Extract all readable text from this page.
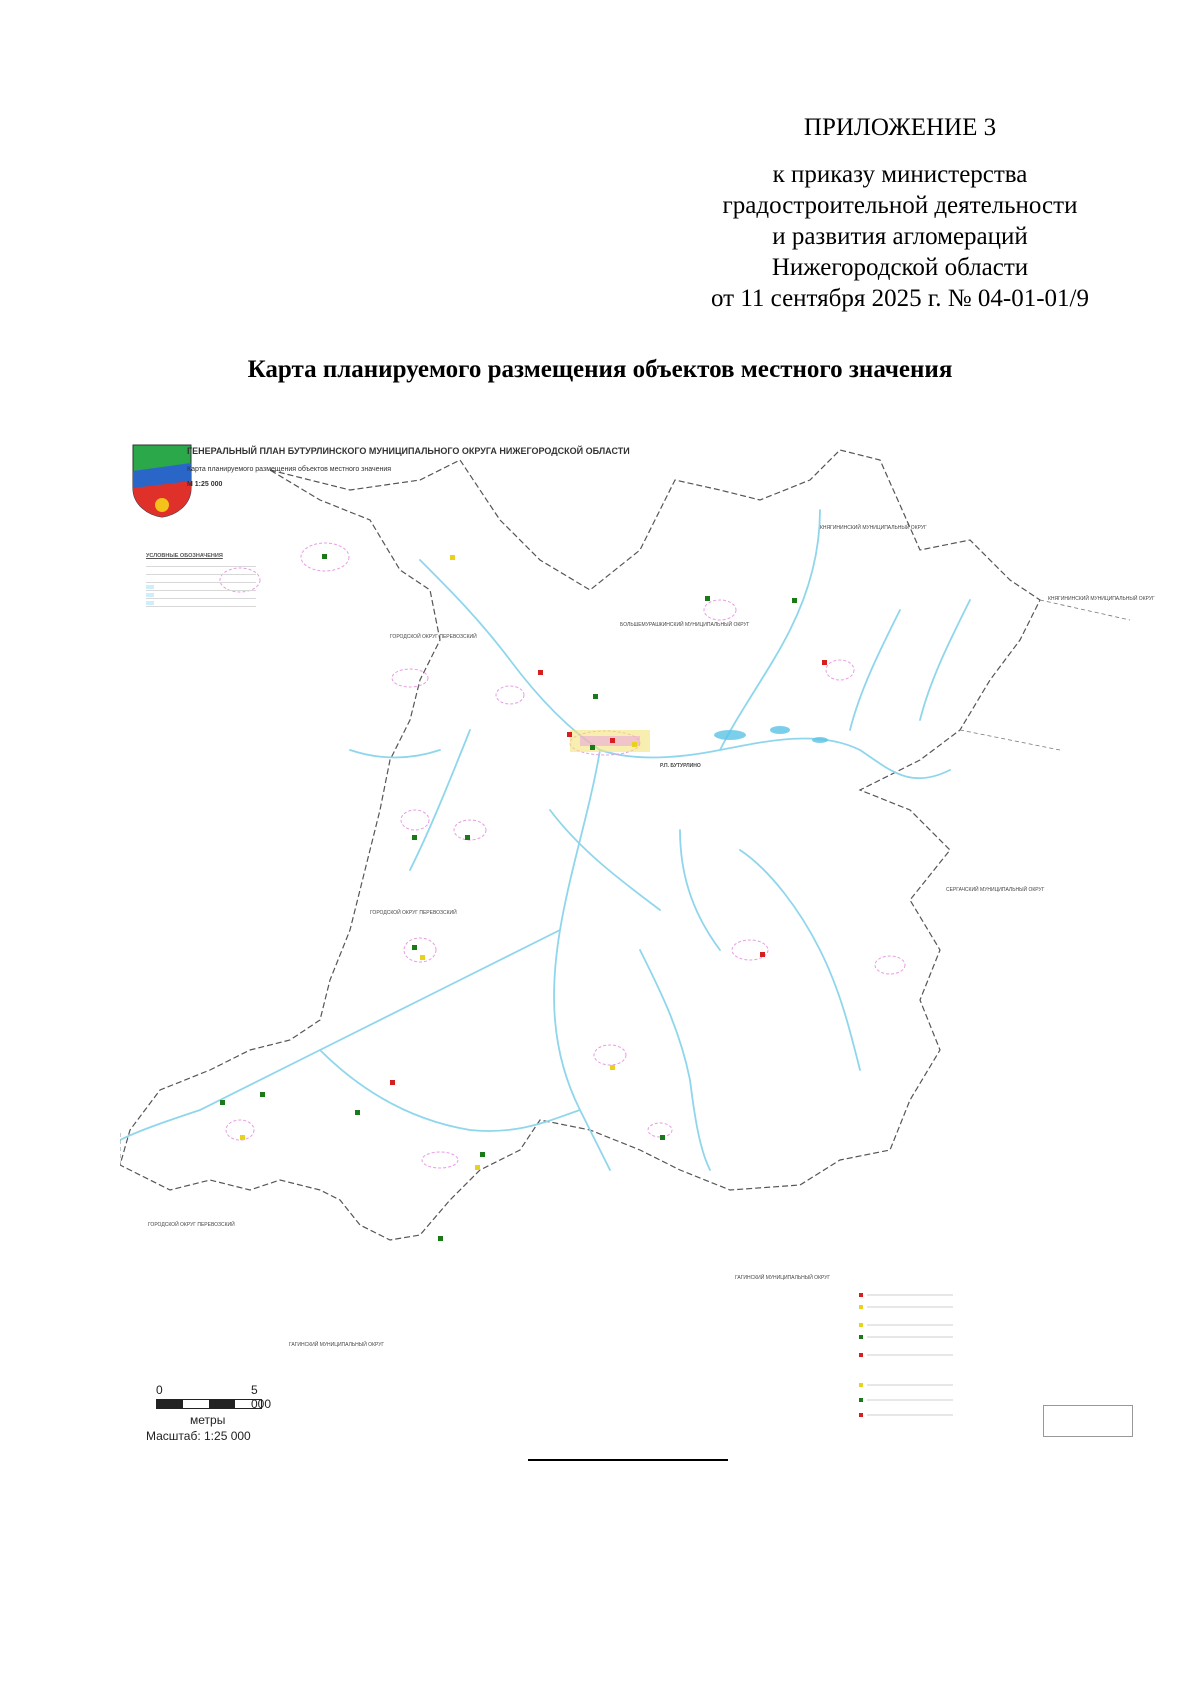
ПРИЛОЖЕНИЕ 3
к приказу министерства
градостроительной деятельности
и развития агломераций
Нижегородской области
от 11 сентября 2025 г. № 04-01-01/9
Карта планируемого размещения объектов местного значения
ГЕНЕРАЛЬНЫЙ ПЛАН БУТУРЛИНСКОГО МУНИЦИПАЛЬНОГО ОКРУГА НИЖЕГОРОДСКОЙ ОБЛАСТИ
Карта планируемого размещения объектов местного значения
М 1:25 000
УСЛОВНЫЕ ОБОЗНАЧЕНИЯ
БОЛЬШЕМУРАШКИНСКИЙ МУНИЦИПАЛЬНЫЙ ОКРУГ
КНЯГИНИНСКИЙ МУНИЦИПАЛЬНЫЙ ОКРУГ
КНЯГИНИНСКИЙ МУНИЦИПАЛЬНЫЙ ОКРУГ
СЕРГАЧСКИЙ МУНИЦИПАЛЬНЫЙ ОКРУГ
ГОРОДСКОЙ ОКРУГ ПЕРЕВОЗСКИЙ
ГОРОДСКОЙ ОКРУГ ПЕРЕВОЗСКИЙ
ГОРОДСКОЙ ОКРУГ ПЕРЕВОЗСКИЙ
ГАГИНСКИЙ МУНИЦИПАЛЬНЫЙ ОКРУГ
ГАГИНСКИЙ МУНИЦИПАЛЬНЫЙ ОКРУГ
Р.П. БУТУРЛИНО
0	5 000
метры
Масштаб: 1:25 000
